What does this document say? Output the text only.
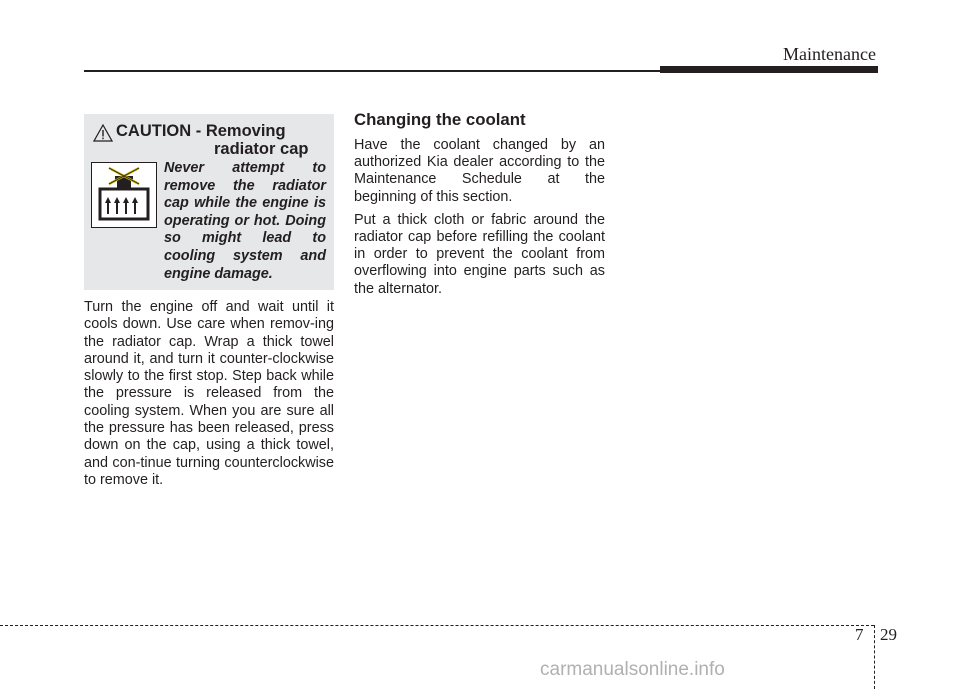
Maintenance
CAUTION - Removing
radiator cap
Never attempt to remove the radiator cap while the engine is operating or hot. Doing so might lead to cooling system and engine damage.
Turn the engine off and wait until it cools down. Use care when remov-ing the radiator cap. Wrap a thick towel around it, and turn it counter-clockwise slowly to the first stop. Step back while the pressure is released from the cooling system. When you are sure all the pressure has been released, press down on the cap, using a thick towel, and con-tinue turning counterclockwise to remove it.
Changing the coolant
Have the coolant changed by an authorized Kia dealer according to the Maintenance Schedule at the beginning of this section.
Put a thick cloth or fabric around the radiator cap before refilling the coolant in order to prevent the coolant from overflowing into engine parts such as the alternator.
7 29
carmanualsonline.info
